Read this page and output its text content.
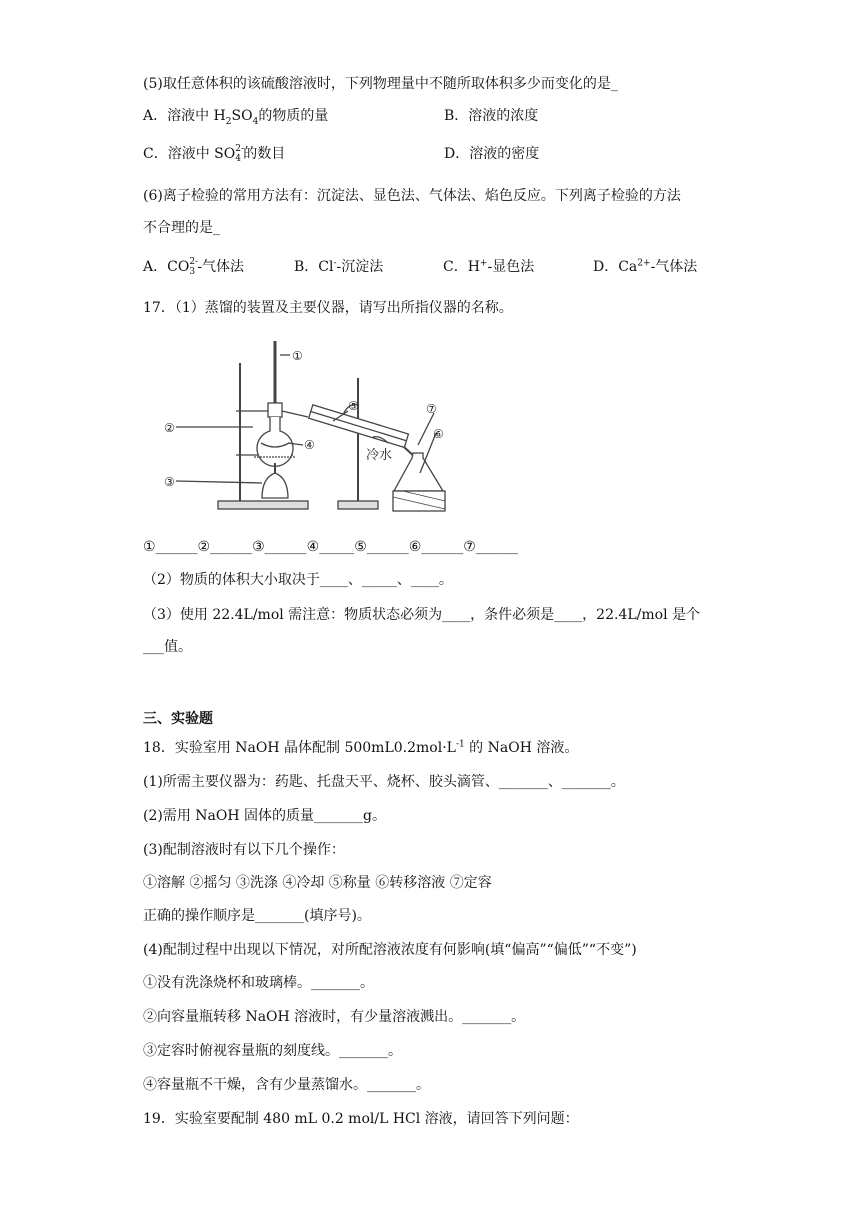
(5)取任意体积的该硫酸溶液时，下列物理量中不随所取体积多少而变化的是_
A．溶液中 $H_2SO_4$的物质的量	B．溶液的浓度
C．溶液中 SO 2-
4 的数目	D．溶液的密度
(6)离子检验的常用方法有：沉淀法、显色法、气体法、焰色反应。下列离子检验的方法
不合理的是_
A．CO 2-
3 -气体法	B．Cl--沉淀法	C．H+-显色法	D．$Ca^{2+}-$气体法
17．（1）蒸馏的装置及主要仪器，请写出所指仪器的名称。
①
②
③
④
⑤
⑥
⑦
冷水
①______②______③______④_____⑤______⑥______⑦______
（2）物质的体积大小取决于____、_____、____。
（3）使用 22.4L/mol 需注意：物质状态必须为____，条件必须是____，22.4L/mol 是个
___值。
三、实验题
18．实验室用 NaOH 晶体配制 $500mL0.2mol\cdot L^{-1}$ 的 NaOH 溶液。
(1)所需主要仪器为：药匙、托盘天平、烧杯、胶头滴管、_______、_______。
(2)需用 NaOH 固体的质量_______g。
(3)配制溶液时有以下几个操作：
①溶解 ②摇匀 ③洗涤 ④冷却 ⑤称量 ⑥转移溶液 ⑦定容
正确的操作顺序是_______(填序号)。
(4)配制过程中出现以下情况，对所配溶液浓度有何影响(填“偏高”“偏低”“不变”)
①没有洗涤烧杯和玻璃棒。_______。
②向容量瓶转移 NaOH 溶液时，有少量溶液溅出。_______。
③定容时俯视容量瓶的刻度线。_______。
④容量瓶不干燥，含有少量蒸馏水。_______。
19．实验室要配制 480 mL 0.2 mol/L HCl 溶液，请回答下列问题：
